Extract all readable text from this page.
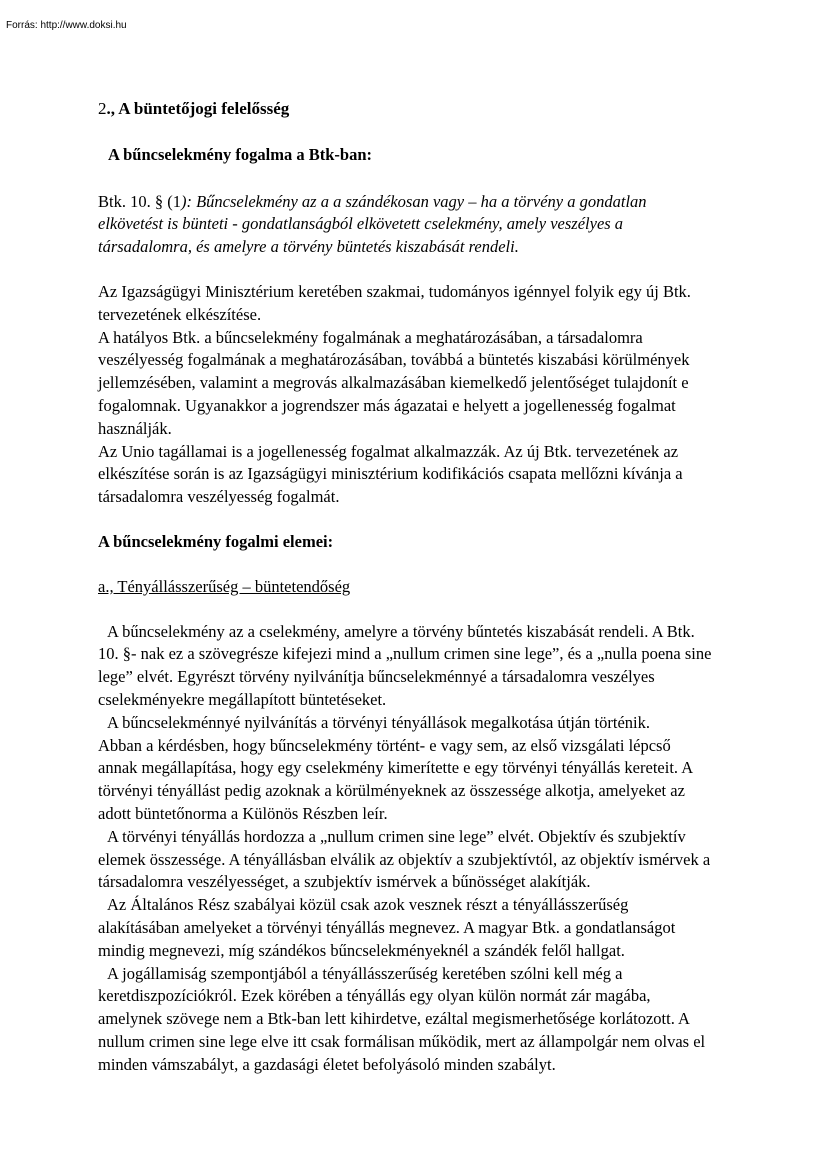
Forrás: http://www.doksi.hu

2., A büntetőjogi felelősség

A bűncselekmény fogalma a Btk-ban:

Btk. 10. § (1): Bűncselekmény az a a szándékosan vagy – ha a törvény a gondatlan

elkövetést is bünteti - gondatlanságból elkövetett cselekmény, amely veszélyes a

társadalomra, és amelyre a törvény büntetés kiszabását rendeli.

Az Igazságügyi Minisztérium keretében szakmai, tudományos igénnyel folyik egy új Btk.

tervezetének elkészítése.

A hatályos Btk. a bűncselekmény fogalmának a meghatározásában, a társadalomra

veszélyesség fogalmának a meghatározásában, továbbá a büntetés kiszabási körülmények

jellemzésében, valamint a megrovás alkalmazásában kiemelkedő jelentőséget tulajdonít e

fogalomnak. Ugyanakkor a jogrendszer más ágazatai e helyett a jogellenesség fogalmat

használják.

Az Unio tagállamai is a jogellenesség fogalmat alkalmazzák. Az új Btk. tervezetének az

elkészítése során is az Igazságügyi minisztérium kodifikációs csapata mellőzni kívánja a

társadalomra veszélyesség fogalmát.

A bűncselekmény fogalmi elemei:

a., Tényállásszerűség – büntetendőség

A bűncselekmény az a cselekmény, amelyre a törvény bűntetés kiszabását rendeli. A Btk.

10. §- nak ez a szövegrésze kifejezi mind a „nullum crimen sine lege”, és a „nulla poena sine

lege” elvét. Egyrészt törvény nyilvánítja bűncselekménnyé a társadalomra veszélyes

cselekményekre megállapított büntetéseket.

A bűncselekménnyé nyilvánítás a törvényi tényállások megalkotása útján történik.

Abban a kérdésben, hogy bűncselekmény történt- e vagy sem, az első vizsgálati lépcső

annak megállapítása, hogy egy cselekmény kimerítette e egy törvényi tényállás kereteit. A

törvényi tényállást pedig azoknak a körülményeknek az összessége alkotja, amelyeket az

adott büntetőnorma a Különös Részben leír.

A törvényi tényállás hordozza a „nullum crimen sine lege” elvét. Objektív és szubjektív

elemek összessége. A tényállásban elválik az objektív a szubjektívtól, az objektív ismérvek a

társadalomra veszélyességet, a szubjektív ismérvek a bűnösséget alakítják.

Az Általános Rész szabályai közül csak azok vesznek részt a tényállásszerűség

alakításában amelyeket a törvényi tényállás megnevez. A magyar Btk. a gondatlanságot

mindig megnevezi, míg szándékos bűncselekményeknél a szándék felől hallgat.

A jogállamiság szempontjából a tényállásszerűség keretében szólni kell még a

keretdiszpozíciókról. Ezek körében a tényállás egy olyan külön normát zár magába,

amelynek szövege nem a Btk-ban lett kihirdetve, ezáltal megismerhetősége korlátozott. A

nullum crimen sine lege elve itt csak formálisan működik, mert az állampolgár nem olvas el

minden vámszabályt, a gazdasági életet befolyásoló minden szabályt.
